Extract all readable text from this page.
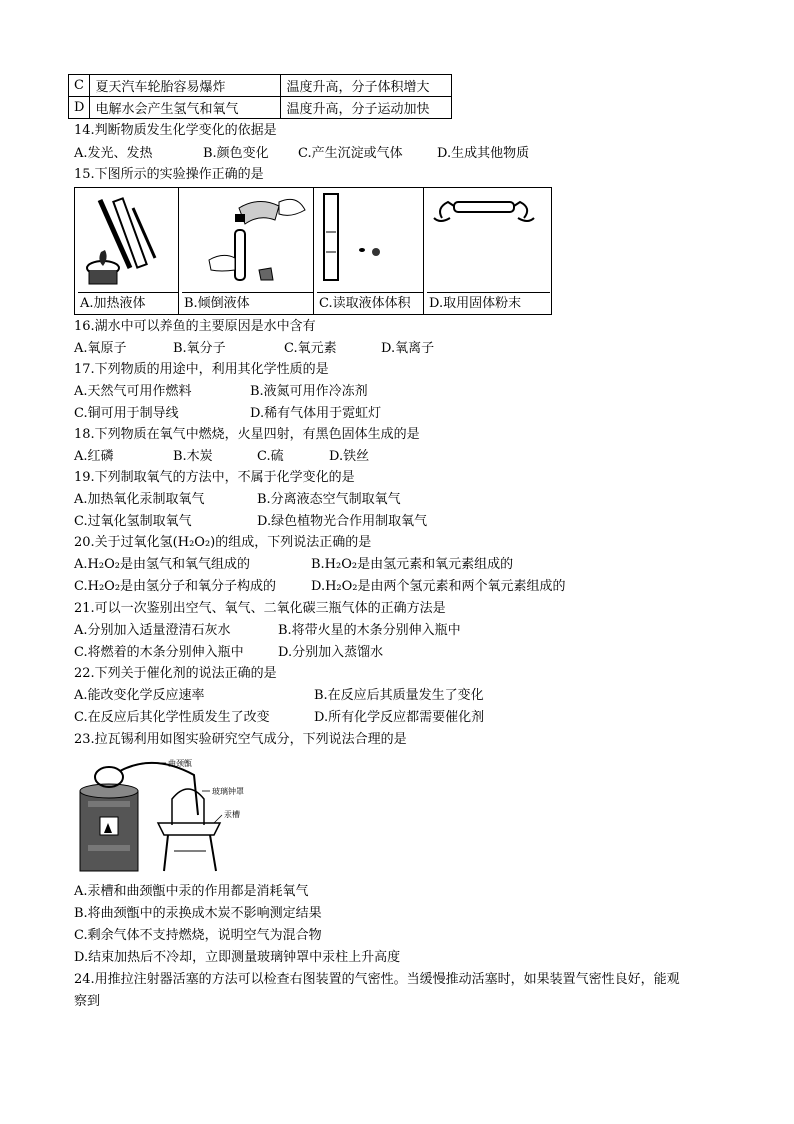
C	夏天汽车轮胎容易爆炸	温度升高，分子体积增大
D	电解水会产生氢气和氧气	温度升高，分子运动加快
14.判断物质发生化学变化的依据是
A.发光、发热	B.颜色变化 C.产生沉淀或气体	D.生成其他物质
15.下图所示的实验操作正确的是
A.加热液体	B.倾倒液体	C.读取液体体积	D.取用固体粉末
16.湖水中可以养鱼的主要原因是水中含有
A.氧原子	B.氧分子	C.氧元素	D.氧离子
17.下列物质的用途中，利用其化学性质的是
A.天然气可用作燃料	B.液氮可用作冷冻剂
C.铜可用于制导线	D.稀有气体用于霓虹灯
18.下列物质在氧气中燃烧，火星四射，有黑色固体生成的是
A.红磷	B.木炭	C.硫	D.铁丝
19.下列制取氧气的方法中，不属于化学变化的是
A.加热氧化汞制取氧气	B.分离液态空气制取氧气
C.过氧化氢制取氧气	D.绿色植物光合作用制取氧气
20.关于过氧化氢(H₂O₂)的组成，下列说法正确的是
A.H₂O₂是由氢气和氧气组成的	B.H₂O₂是由氢元素和氧元素组成的
C.H₂O₂是由氢分子和氧分子构成的	D.H₂O₂是由两个氢元素和两个氧元素组成的
21.可以一次鉴别出空气、氧气、二氧化碳三瓶气体的正确方法是
A.分别加入适量澄清石灰水	B.将带火星的木条分别伸入瓶中
C.将燃着的木条分别伸入瓶中	D.分别加入蒸馏水
22.下列关于催化剂的说法正确的是
A.能改变化学反应速率	B.在反应后其质量发生了变化
C.在反应后其化学性质发生了改变	D.所有化学反应都需要催化剂
23.拉瓦锡利用如图实验研究空气成分，下列说法合理的是
曲颈甑
玻璃钟罩
汞槽
A.汞槽和曲颈甑中汞的作用都是消耗氧气
B.将曲颈甑中的汞换成木炭不影响测定结果
C.剩余气体不支持燃烧，说明空气为混合物
D.结束加热后不冷却，立即测量玻璃钟罩中汞柱上升高度
24.用推拉注射器活塞的方法可以检查右图装置的气密性。当缓慢推动活塞时，如果装置气密性良好，能观
察到
